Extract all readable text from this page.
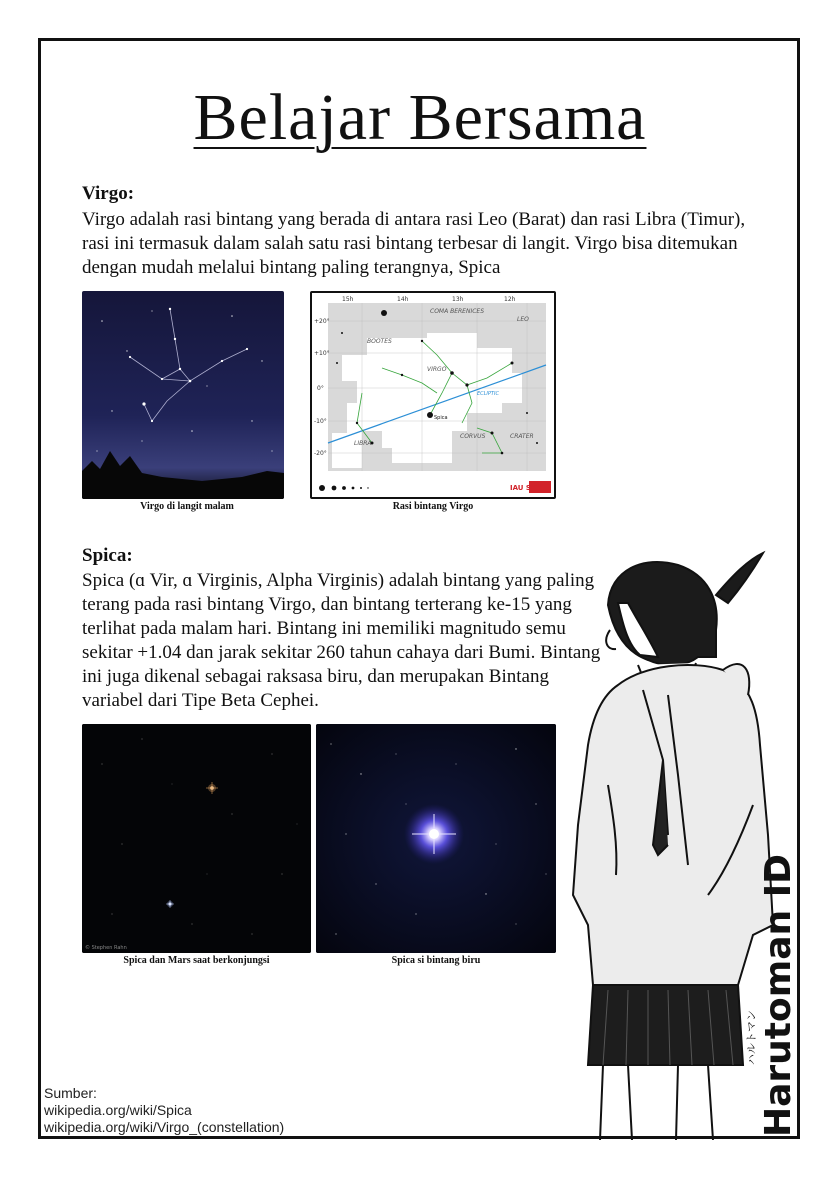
Belajar Bersama
Virgo:
Virgo adalah rasi bintang yang berada di antara rasi Leo (Barat) dan rasi Libra (Timur), rasi ini termasuk dalam salah satu rasi bintang terbesar di langit. Virgo bisa ditemukan dengan mudah melalui bintang paling terangnya, Spica
Virgo di langit malam
15h	14h	13h	12h
+20°
+10°
0°
-10°
-20°
COMA BERENICES
LEO
BOOTES
VIRGO
LIBRA
CORVUS	CRATER
ECLIPTIC
Spica
IAU SKY
Rasi bintang Virgo
Spica:
Spica (ɑ Vir, ɑ Virginis, Alpha Virginis) adalah bintang yang paling terang pada rasi bintang Virgo, dan bintang terterang ke-15 yang terlihat pada malam hari. Bintang ini memiliki magnitudo semu sekitar +1.04 dan jarak sekitar 260 tahun cahaya dari Bumi. Bintang ini juga dikenal sebagai raksasa biru, dan merupakan Bintang variabel dari Tipe Beta Cephei.
© Stephen Rahn
Spica dan Mars saat berkonjungsi	Spica si bintang biru	Harutoman ID
ハルトマン
Sumber:
wikipedia.org/wiki/Spica
wikipedia.org/wiki/Virgo_(constellation)
